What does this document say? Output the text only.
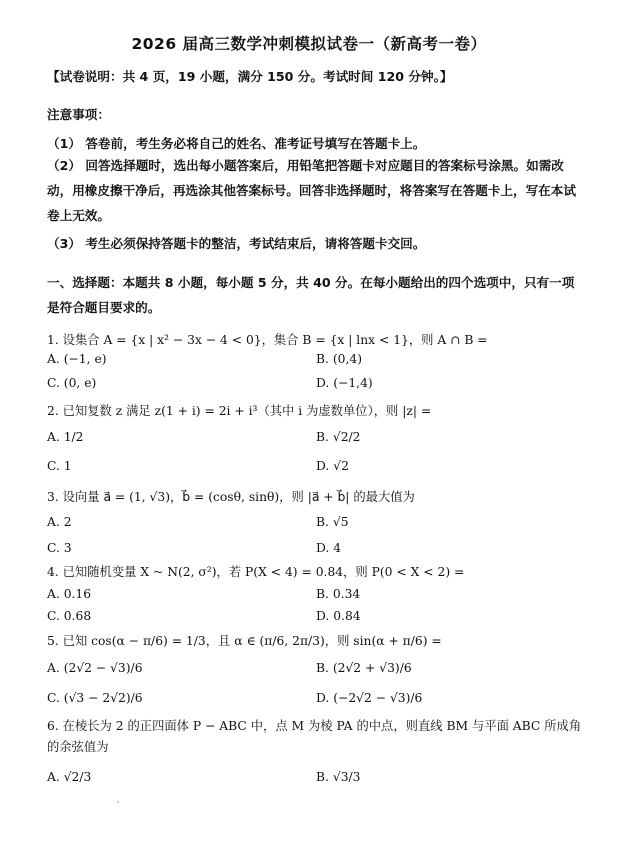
2026 届高三数学冲刺模拟试卷一（新高考一卷）
【试卷说明：共 4 页，19 小题，满分 150 分。考试时间 120 分钟。】
注意事项：
（1） 答卷前，考生务必将自己的姓名、准考证号填写在答题卡上。
（2） 回答选择题时，选出每小题答案后，用铅笔把答题卡对应题目的答案标号涂黑。如需改动，用橡皮擦干净后，再选涂其他答案标号。回答非选择题时，将答案写在答题卡上，写在本试卷上无效。
（3） 考生必须保持答题卡的整洁，考试结束后，请将答题卡交回。
一、选择题：本题共 8 小题，每小题 5 分，共 40 分。在每小题给出的四个选项中，只有一项是符合题目要求的。
1. 设集合 A = {x | x² − 3x − 4 < 0}，集合 B = {x | lnx < 1}，则 A ∩ B =
A. (−1, e)	B. (0,4)
C. (0, e)	D. (−1,4)
2. 已知复数 z 满足 z(1 + i) = 2i + i³（其中 i 为虚数单位），则 |z| =
A. 1/2	B. √2/2
C. 1	D. √2
3. 设向量 a⃗ = (1, √3)，b⃗ = (cosθ, sinθ)，则 |a⃗ + b⃗| 的最大值为
A. 2	B. √5
C. 3	D. 4
4. 已知随机变量 X ~ N(2, σ²)，若 P(X < 4) = 0.84，则 P(0 < X < 2) =
A. 0.16	B. 0.34
C. 0.68	D. 0.84
5. 已知 cos(α − π/6) = 1/3，且 α ∈ (π/6, 2π/3)，则 sin(α + π/6) =
A. (2√2 − √3)/6	B. (2√2 + √3)/6
C. (√3 − 2√2)/6	D. (−2√2 − √3)/6
6. 在棱长为 2 的正四面体 P − ABC 中，点 M 为棱 PA 的中点，则直线 BM 与平面 ABC 所成角的余弦值为
A. √2/3	B. √3/3
